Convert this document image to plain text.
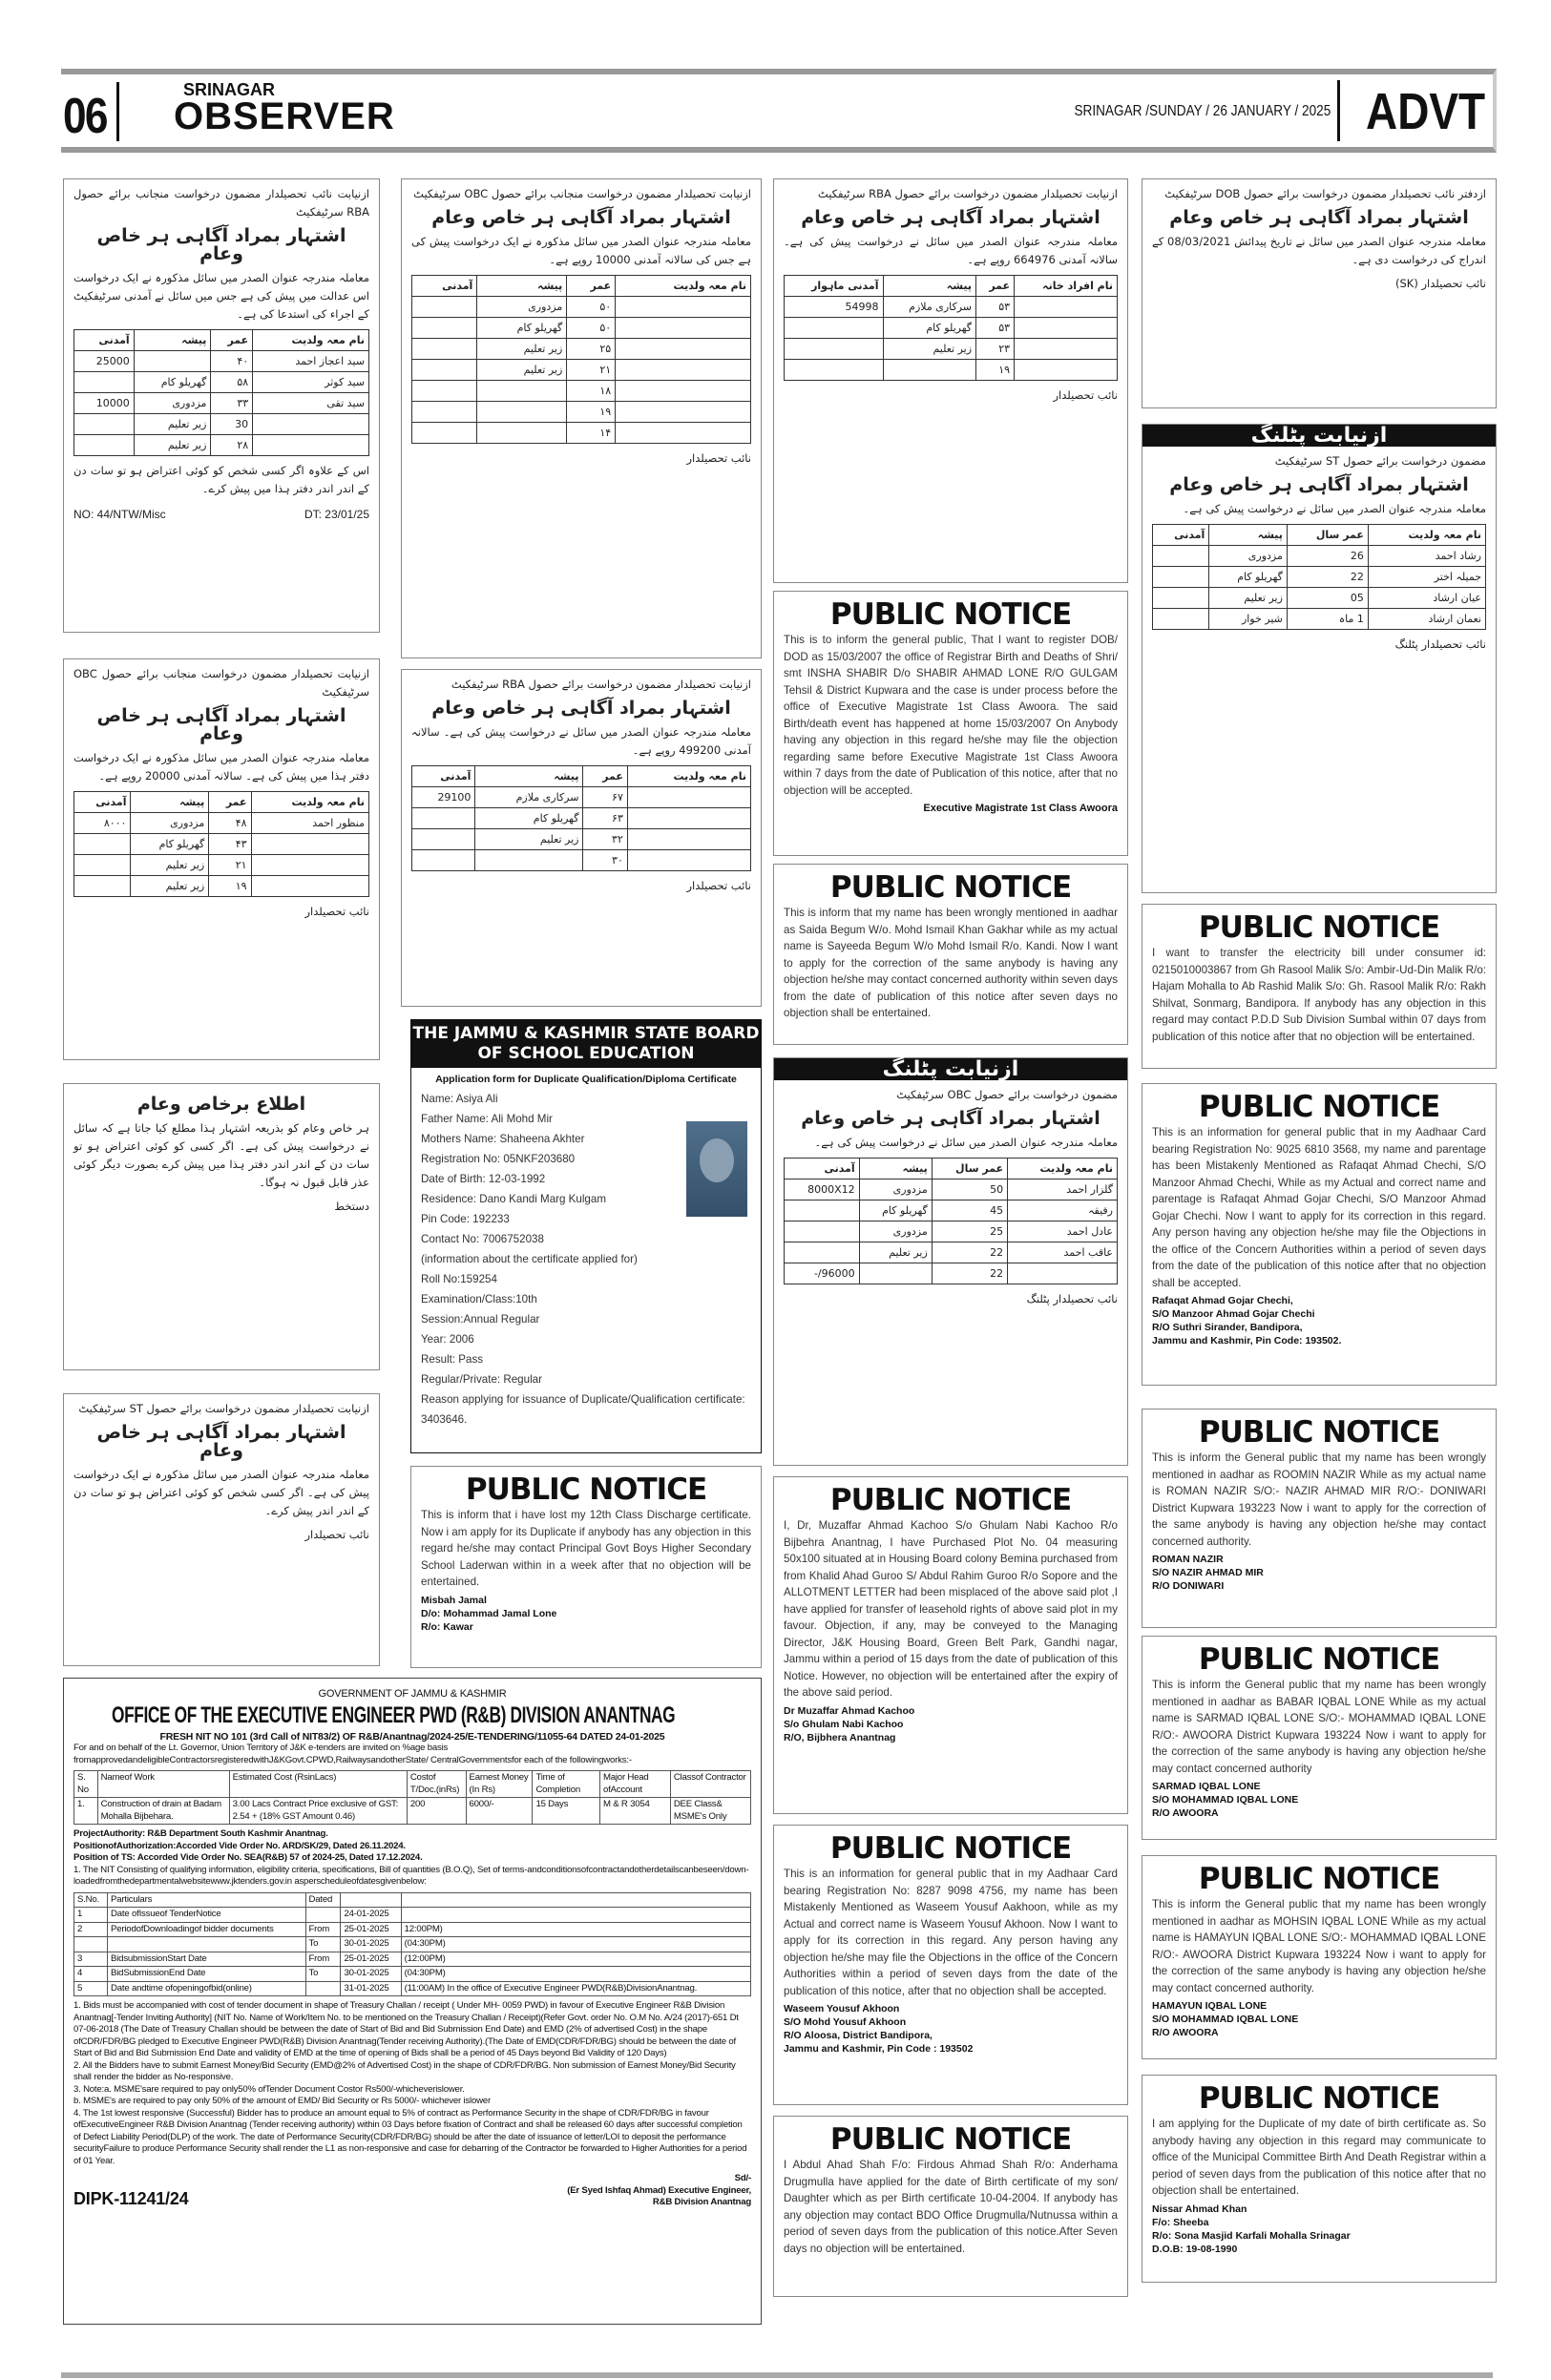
06	SRINAGAR
OBSERVER	SRINAGAR /SUNDAY / 26 JANUARY / 2025 ADVT
ازنیابت نائب تحصیلدار مضمون درخواست منجانب برائے حصول RBA سرٹیفکیٹ
اشتہار بمراد آگاہی ہر خاص وعام
معاملہ مندرجہ عنوان الصدر میں سائل مذکورہ نے ایک درخواست اس عدالت میں پیش کی ہے جس میں سائل نے آمدنی سرٹیفکیٹ کے اجراء کی استدعا کی ہے۔
نام معہ ولدیت	عمر	پیشہ	آمدنی
سید اعجاز احمد	۴۰		25000
سید کوثر	۵۸	گھریلو کام	
سید تقی	۳۳	مزدوری	10000
	30	زیر تعلیم	
	۲۸	زیر تعلیم	
اس کے علاوہ اگر کسی شخص کو کوئی اعتراض ہو تو سات دن کے اندر اندر دفتر ہذا میں پیش کرے۔
NO: 44/NTW/Misc	DT: 23/01/25
ازنیابت تحصیلدار مضمون درخواست منجانب برائے حصول OBC سرٹیفکیٹ
اشتہار بمراد آگاہی ہر خاص وعام
معاملہ مندرجہ عنوان الصدر میں سائل مذکورہ نے ایک درخواست دفتر ہذا میں پیش کی ہے۔ سالانہ آمدنی 20000 روپے ہے۔
نام معہ ولدیت	عمر	پیشہ	آمدنی
منظور احمد	۴۸	مزدوری	۸۰۰۰
	۴۳	گھریلو کام	
	۲۱	زیر تعلیم	
	۱۹	زیر تعلیم	
نائب تحصیلدار
اطلاع برخاص وعام
ہر خاص وعام کو بذریعہ اشتہار ہذا مطلع کیا جاتا ہے کہ سائل نے درخواست پیش کی ہے۔ اگر کسی کو کوئی اعتراض ہو تو سات دن کے اندر اندر دفتر ہذا میں پیش کرے بصورت دیگر کوئی عذر قابل قبول نہ ہوگا۔
دستخط
ازنیابت تحصیلدار مضمون درخواست برائے حصول ST سرٹیفکیٹ
اشتہار بمراد آگاہی ہر خاص وعام
معاملہ مندرجہ عنوان الصدر میں سائل مذکورہ نے ایک درخواست پیش کی ہے۔ اگر کسی شخص کو کوئی اعتراض ہو تو سات دن کے اندر اندر پیش کرے۔
نائب تحصیلدار
ازنیابت تحصیلدار مضمون درخواست منجانب برائے حصول OBC سرٹیفکیٹ
اشتہار بمراد آگاہی ہر خاص وعام
معاملہ مندرجہ عنوان الصدر میں سائل مذکورہ نے ایک درخواست پیش کی ہے جس کی سالانہ آمدنی 10000 روپے ہے۔
نام معہ ولدیت	عمر	پیشہ	آمدنی
	۵۰	مزدوری	
	۵۰	گھریلو کام	
	۲۵	زیر تعلیم	
	۲۱	زیر تعلیم	
	۱۸		
	۱۹		
	۱۴		
نائب تحصیلدار
ازنیابت تحصیلدار مضمون درخواست برائے حصول RBA سرٹیفکیٹ
اشتہار بمراد آگاہی ہر خاص وعام
معاملہ مندرجہ عنوان الصدر میں سائل نے درخواست پیش کی ہے۔ سالانہ آمدنی 499200 روپے ہے۔
نام معہ ولدیت	عمر	پیشہ	آمدنی
	۶۷	سرکاری ملازم	29100
	۶۳	گھریلو کام	
	۳۲	زیر تعلیم	
	۳۰		
نائب تحصیلدار
ازنیابت تحصیلدار مضمون درخواست برائے حصول RBA سرٹیفکیٹ
اشتہار بمراد آگاہی ہر خاص وعام
معاملہ مندرجہ عنوان الصدر میں سائل نے درخواست پیش کی ہے۔ سالانہ آمدنی 664976 روپے ہے۔
نام افراد خانہ	عمر	پیشہ	آمدنی ماہوار
	۵۳	سرکاری ملازم	54998
	۵۳	گھریلو کام	
	۲۳	زیر تعلیم	
	۱۹		
نائب تحصیلدار
ازنیابت پٹلنگ
مضمون درخواست برائے حصول OBC سرٹیفکیٹ
اشتہار بمراد آگاہی ہر خاص وعام
معاملہ مندرجہ عنوان الصدر میں سائل نے درخواست پیش کی ہے۔
نام معہ ولدیت	عمر سال	پیشہ	آمدنی
گلزار احمد	50	مزدوری	8000X12
رفیقہ	45	گھریلو کام	
عادل احمد	25	مزدوری	
عاقب احمد	22	زیر تعلیم	
	22		96000/-
نائب تحصیلدار پٹلنگ
ازدفتر نائب تحصیلدار مضمون درخواست برائے حصول DOB سرٹیفکیٹ
اشتہار بمراد آگاہی ہر خاص وعام
معاملہ مندرجہ عنوان الصدر میں سائل نے تاریخ پیدائش 08/03/2021 کے اندراج کی درخواست دی ہے۔
نائب تحصیلدار (SK)
ازنیابت پٹلنگ
مضمون درخواست برائے حصول ST سرٹیفکیٹ
اشتہار بمراد آگاہی ہر خاص وعام
معاملہ مندرجہ عنوان الصدر میں سائل نے درخواست پیش کی ہے۔
نام معہ ولدیت	عمر سال	پیشہ	آمدنی
رشاد احمد	26	مزدوری	
جمیلہ اختر	22	گھریلو کام	
عیان ارشاد	05	زیر تعلیم	
نعمان ارشاد	1 ماہ	شیر خوار	
نائب تحصیلدار پٹلنگ
PUBLIC NOTICE
This is to inform the general public, That I want to register DOB/ DOD as 15/03/2007 the office of Registrar Birth and Deaths of Shri/ smt INSHA SHABIR D/o SHABIR AHMAD LONE R/O GULGAM Tehsil & District Kupwara and the case is under process before the office of Executive Magistrate 1st Class Awoora. The said Birth/death event has happened at home 15/03/2007 On Anybody having any objection in this regard he/she may file the objection regarding same before Executive Magistrate 1st Class Awoora within 7 days from the date of Publication of this notice, after that no objection will be accepted.
Executive Magistrate 1st Class Awoora
PUBLIC NOTICE
This is inform that my name has been wrongly mentioned in aadhar as Saida Begum W/o. Mohd Ismail Khan Gakhar while as my actual name is Sayeeda Begum W/o Mohd Ismail R/o. Kandi. Now I want to apply for the correction of the same anybody is having any objection he/she may contact concerned authority within seven days from the date of publication of this notice after seven days no objection shall be entertained.
PUBLIC NOTICE
I, Dr, Muzaffar Ahmad Kachoo S/o Ghulam Nabi Kachoo R/o Bijbehra Anantnag, I have Purchased Plot No. 04 measuring 50x100 situated at in Housing Board colony Bemina purchased from from Khalid Ahad Guroo S/ Abdul Rahim Guroo R/o Sopore and the ALLOTMENT LETTER had been misplaced of the above said plot ,I have applied for transfer of leasehold rights of above said plot in my favour. Objection, if any, may be conveyed to the Managing Director, J&K Housing Board, Green Belt Park, Gandhi nagar, Jammu within a period of 15 days from the date of publication of this Notice. However, no objection will be entertained after the expiry of the above said period.
Dr Muzaffar Ahmad Kachoo
S/o Ghulam Nabi Kachoo
R/O, Bijbhera Anantnag
PUBLIC NOTICE
This is an information for general public that in my Aadhaar Card bearing Registration No: 8287 9098 4756, my name has been Mistakenly Mentioned as Waseem Yousuf Aakhoon, while as my Actual and correct name is Waseem Yousuf Akhoon. Now I want to apply for its correction in this regard. Any person having any objection he/she may file the Objections in the office of the Concern Authorities within a period of seven days from the date of the publication of this notice, after that no objection shall be accepted.
Waseem Yousuf Akhoon
S/O Mohd Yousuf Akhoon
R/O Aloosa, District Bandipora,
Jammu and Kashmir, Pin Code : 193502
PUBLIC NOTICE
I Abdul Ahad Shah F/o: Firdous Ahmad Shah R/o: Anderhama Drugmulla have applied for the date of Birth certificate of my son/ Daughter which as per Birth certificate 10-04-2004. If anybody has any objection may contact BDO Office Drugmulla/Nutnussa within a period of seven days from the publication of this notice.After Seven days no objection will be entertained.
PUBLIC NOTICE
I want to transfer the electricity bill under consumer id: 0215010003867 from Gh Rasool Malik S/o: Ambir-Ud-Din Malik R/o: Hajam Mohalla to Ab Rashid Malik S/o: Gh. Rasool Malik R/o: Rakh Shilvat, Sonmarg, Bandipora. If anybody has any objection in this regard may contact P.D.D Sub Division Sumbal within 07 days from publication of this notice after that no objection will be entertained.
PUBLIC NOTICE
This is an information for general public that in my Aadhaar Card bearing Registration No: 9025 6810 3568, my name and parentage has been Mistakenly Mentioned as Rafaqat Ahmad Chechi, S/O Manzoor Ahmad Chechi, While as my Actual and correct name and parentage is Rafaqat Ahmad Gojar Chechi, S/O Manzoor Ahmad Gojar Chechi. Now I want to apply for its correction in this regard. Any person having any objection he/she may file the Objections in the office of the Concern Authorities within a period of seven days from the date of the publication of this notice after that no objection shall be accepted.
Rafaqat Ahmad Gojar Chechi,
S/O Manzoor Ahmad Gojar Chechi
R/O Suthri Sirander, Bandipora,
Jammu and Kashmir, Pin Code: 193502.
PUBLIC NOTICE
This is inform the General public that my name has been wrongly mentioned in aadhar as ROOMIN NAZIR While as my actual name is ROMAN NAZIR S/O:- NAZIR AHMAD MIR R/O:- DONIWARI District Kupwara 193223 Now i want to apply for the correction of the same anybody is having any objection he/she may contact concerned authority.
ROMAN NAZIR
S/O NAZIR AHMAD MIR
R/O DONIWARI
PUBLIC NOTICE
This is inform the General public that my name has been wrongly mentioned in aadhar as BABAR IQBAL LONE While as my actual name is SARMAD IQBAL LONE S/O:- MOHAMMAD IQBAL LONE R/O:- AWOORA District Kupwara 193224 Now i want to apply for the correction of the same anybody is having any objection he/she may contact concerned authority
SARMAD IQBAL LONE
S/O MOHAMMAD IQBAL LONE
R/O AWOORA
PUBLIC NOTICE
This is inform the General public that my name has been wrongly mentioned in aadhar as MOHSIN IQBAL LONE While as my actual name is HAMAYUN IQBAL LONE S/O:- MOHAMMAD IQBAL LONE R/O:- AWOORA District Kupwara 193224 Now i want to apply for the correction of the same anybody is having any objection he/she may contact concerned authority.
HAMAYUN IQBAL LONE
S/O MOHAMMAD IQBAL LONE
R/O AWOORA
PUBLIC NOTICE
I am applying for the Duplicate of my date of birth certificate as. So anybody having any objection in this regard may communicate to office of the Municipal Committee Birth And Death Registrar within a period of seven days from the publication of this notice after that no objection shall be entertained.
Nissar Ahmad Khan
F/o: Sheeba
R/o: Sona Masjid Karfali Mohalla Srinagar
D.O.B: 19-08-1990
PUBLIC NOTICE
This is inform that i have lost my 12th Class Discharge certificate. Now i am apply for its Duplicate if anybody has any objection in this regard he/she may contact Principal Govt Boys Higher Secondary School Laderwan within in a week after that no objection will be entertained.
Misbah Jamal
D/o: Mohammad Jamal Lone
R/o: Kawar
THE JAMMU & KASHMIR STATE BOARD OF SCHOOL EDUCATION
Application form for Duplicate Qualification/Diploma Certificate
Name: Asiya Ali
Father Name: Ali Mohd Mir
Mothers Name: Shaheena Akhter
Registration No: 05NKF203680
Date of Birth: 12-03-1992
Residence: Dano Kandi Marg Kulgam
Pin Code: 192233
Contact No: 7006752038
(information about the certificate applied for)
Roll No:159254
Examination/Class:10th
Session:Annual Regular
Year: 2006
Result: Pass
Regular/Private: Regular
Reason applying for issuance of Duplicate/Qualification certificate: 3403646.
GOVERNMENT OF JAMMU & KASHMIR
OFFICE OF THE EXECUTIVE ENGINEER PWD (R&B) DIVISION ANANTNAG
FRESH NIT NO 101 (3rd Call of NIT83/2) OF R&B/Anantnag/2024-25/E-TENDERING/11055-64 DATED 24-01-2025
For and on behalf of the Lt. Governor, Union Territory of J&K e-tenders are invited on %age basis fromapprovedandeligibleContractorsregisteredwithJ&KGovt.CPWD,RailwaysandotherState/ CentralGovernmentsfor each of the followingworks:-
S. No	Nameof Work	Estimated Cost (RsinLacs)	Costof T/Doc.(inRs)	Earnest Money (In Rs)	Time of Completion	Major Head ofAccount	Classof Contractor
1.	Construction of drain at Badam Mohalla Bijbehara.	3.00 Lacs Contract Price exclusive of GST: 2.54 + (18% GST Amount 0.46)	200	6000/-	15 Days	M & R 3054	DEE Class& MSME's Only
ProjectAuthority: R&B Department South Kashmir Anantnag.
PositionofAuthorization:Accorded Vide Order No. ARD/SK/29, Dated 26.11.2024.
Position of TS: Accorded Vide Order No. SEA(R&B) 57 of 2024-25, Dated 17.12.2024.
1. The NIT Consisting of qualifying information, eligibility criteria, specifications, Bill of quantities (B.O.Q), Set of terms-andconditionsofcontractandotherdetailscanbeseen/down-loadedfromthedepartmentalwebsitewww.jktenders.gov.in asperscheduleofdatesgivenbelow:
S.No.	Particulars	Dated		
1	Date ofIssueof TenderNotice		24-01-2025	
2	PeriodofDownloadingof bidder documents	From	25-01-2025	12:00PM)
		To	30-01-2025	(04:30PM)
3	BidsubmissionStart Date	From	25-01-2025	(12:00PM)
4	BidSubmissionEnd Date	To	30-01-2025	(04:30PM)
5	Date andtime ofopeningofbid(online)		31-01-2025	(11:00AM) In the office of Executive Engineer PWD(R&B)DivisionAnantnag.
1. Bids must be accompanied with cost of tender document in shape of Treasury Challan / receipt ( Under MH- 0059 PWD) in favour of Executive Engineer R&B Division Anantnag[-Tender Inviting Authority] (NIT No. Name of Work/Item No. to be mentioned on the Treasury Challan / Receipt)(Refer Govt. order No. O.M No. A/24 (2017)-651 Dt 07-06-2018 (The Date of Treasury Challan should be between the date of Start of Bid and Bid Submission End Date) and EMD (2% of advertised Cost) in the shape ofCDR/FDR/BG pledged to Executive Engineer PWD(R&B) Division Anantnag(Tender receiving Authority).(The Date of EMD(CDR/FDR/BG) should be between the date of Start of Bid and Bid Submission End Date and validity of EMD at the time of opening of Bids shall be a period of 45 Days beyond Bid Validity of 120 Days)
2. All the Bidders have to submit Earnest Money/Bid Security (EMD@2% of Advertised Cost) in the shape of CDR/FDR/BG. Non submission of Earnest Money/Bid Security shall render the bidder as No-responsive.
3. Note:a. MSME'sare required to pay only50% ofTender Document Costor Rs500/-whicheverislower.
b. MSME's are required to pay only 50% of the amount of EMD/ Bid Security or Rs 5000/- whichever islower
4. The 1st lowest responsive (Successful) Bidder has to produce an amount equal to 5% of contract as Performance Security in the shape of CDR/FDR/BG in favour ofExecutiveEngineer R&B Division Anantnag (Tender receiving authority) within 03 Days before fixation of Contract and shall be released 60 days after successful completion of Defect Liability Period(DLP) of the work. The date of Performance Security(CDR/FDR/BG) should be after the date of issuance of letter/LOI to deposit the performance securityFailure to produce Performance Security shall render the L1 as non-responsive and case for debarring of the Contractor be forwarded to Higher Authorities for a period of 01 Year.
DIPK-11241/24
Sd/-
(Er Syed Ishfaq Ahmad) Executive Engineer,
R&B Division Anantnag
